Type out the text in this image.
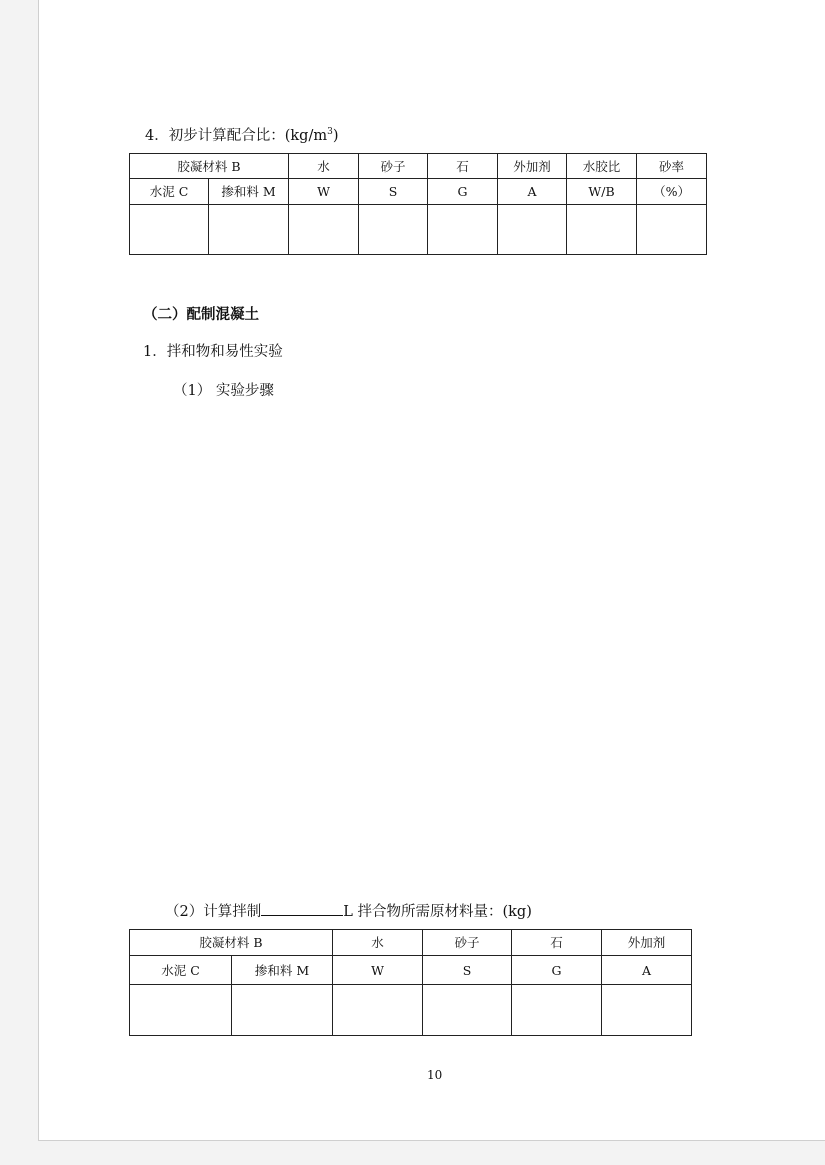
4．初步计算配合比：$(kg/m^3)$
胶凝材料 B		水	砂子	石	外加剂	水胶比	砂率
水泥 C	掺和料 M	W	S	G	A	W/B	（%）

（二）配制混凝土
1．拌和物和易性实验
（1） 实验步骤
（2）计算拌制	L 拌合物所需原材料量：(kg)
胶凝材料 B		水	砂子	石	外加剂
水泥 C	掺和料 M	W	S	G	A

10
